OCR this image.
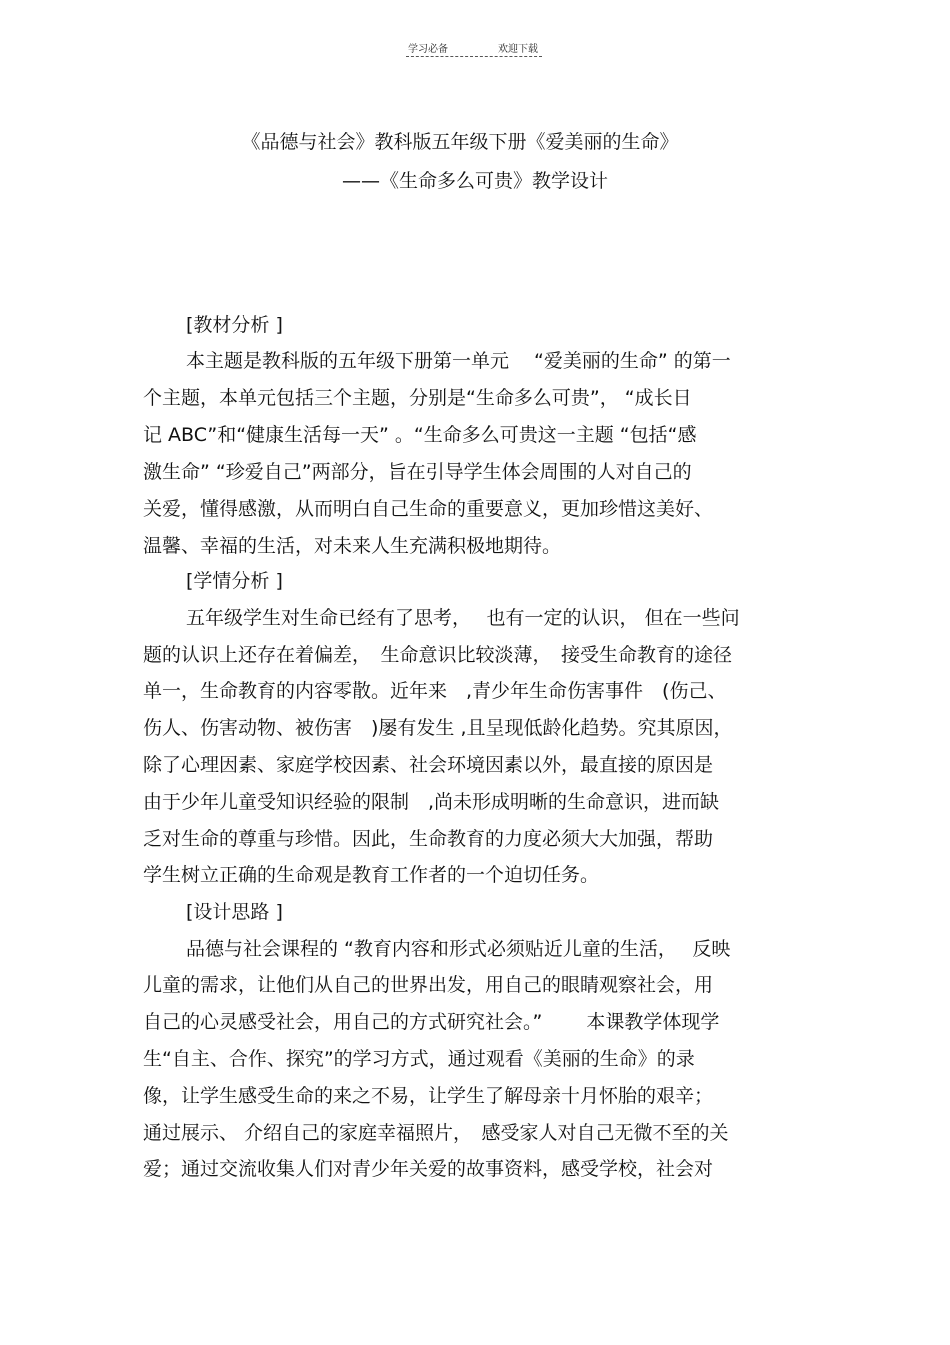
学习必备	欢迎下载
《品德与社会》教科版五年级下册《爱美丽的生命》
——《生命多么可贵》教学设计
[教材分析 ]
本主题是教科版的五年级下册第一单元　 “爱美丽的生命” 的第一
个主题，本单元包括三个主题，分别是“生命多么可贵”， “成长日
记 ABC”和“健康生活每一天” 。“生命多么可贵这一主题 “包括“感
激生命” “珍爱自己”两部分，旨在引导学生体会周围的人对自己的
关爱，懂得感激，从而明白自己生命的重要意义，更加珍惜这美好、
温馨、幸福的生活，对未来人生充满积极地期待。
[学情分析 ]
五年级学生对生命已经有了思考，　 也有一定的认识， 但在一些问
题的认识上还存在着偏差，　生命意识比较淡薄，　接受生命教育的途径
单一，生命教育的内容零散。近年来　,青少年生命伤害事件　(伤己、
伤人、伤害动物、被伤害　)屡有发生 ,且呈现低龄化趋势。究其原因，
除了心理因素、家庭学校因素、社会环境因素以外，最直接的原因是
由于少年儿童受知识经验的限制　,尚未形成明晰的生命意识，进而缺
乏对生命的尊重与珍惜。因此，生命教育的力度必须大大加强，帮助
学生树立正确的生命观是教育工作者的一个迫切任务。
[设计思路 ]
品德与社会课程的 “教育内容和形式必须贴近儿童的生活，　 反映
儿童的需求，让他们从自己的世界出发，用自己的眼睛观察社会，用
自己的心灵感受社会，用自己的方式研究社会。”　　 本课教学体现学
生“自主、合作、探究”的学习方式，通过观看《美丽的生命》的录
像，让学生感受生命的来之不易，让学生了解母亲十月怀胎的艰辛；
通过展示、 介绍自己的家庭幸福照片，　感受家人对自己无微不至的关
爱；通过交流收集人们对青少年关爱的故事资料，感受学校，社会对
